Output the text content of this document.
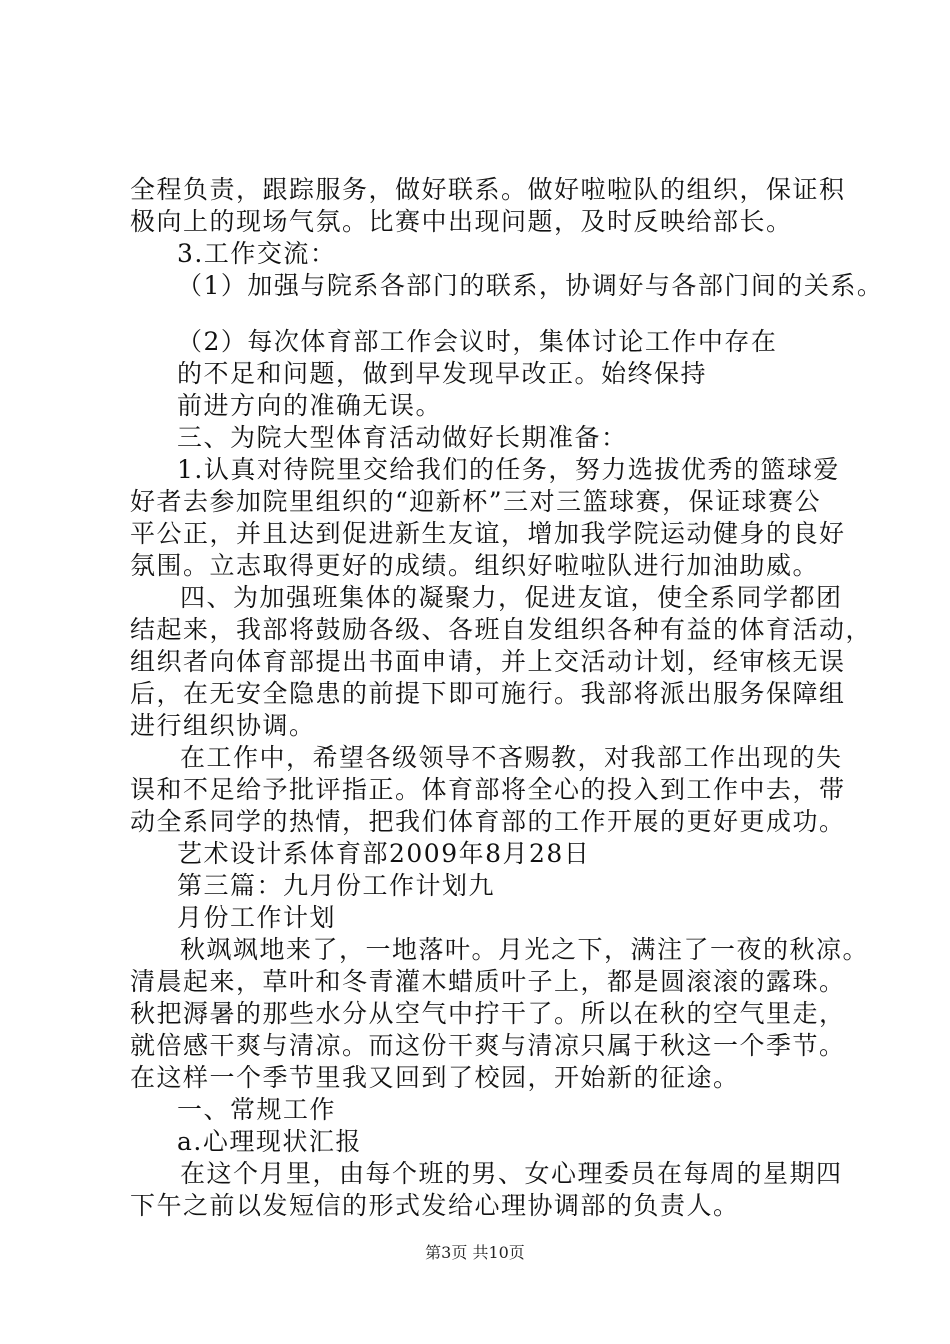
全程负责，跟踪服务，做好联系。做好啦啦队的组织，保证积
极向上的现场气氛。比赛中出现问题，及时反映给部长。
3.工作交流：
（1）加强与院系各部门的联系，协调好与各部门间的关系。
（2）每次体育部工作会议时，集体讨论工作中存在
的不足和问题，做到早发现早改正。始终保持
前进方向的准确无误。
三、为院大型体育活动做好长期准备：
1.认真对待院里交给我们的任务，努力选拔优秀的篮球爱
好者去参加院里组织的“迎新杯”三对三篮球赛，保证球赛公
平公正，并且达到促进新生友谊，增加我学院运动健身的良好
氛围。立志取得更好的成绩。组织好啦啦队进行加油助威。
四、为加强班集体的凝聚力，促进友谊，使全系同学都团
结起来，我部将鼓励各级、各班自发组织各种有益的体育活动，
组织者向体育部提出书面申请，并上交活动计划，经审核无误
后，在无安全隐患的前提下即可施行。我部将派出服务保障组
进行组织协调。
在工作中，希望各级领导不吝赐教，对我部工作出现的失
误和不足给予批评指正。体育部将全心的投入到工作中去，带
动全系同学的热情，把我们体育部的工作开展的更好更成功。
艺术设计系体育部2009年8月28日
第三篇：九月份工作计划九
月份工作计划
秋飒飒地来了，一地落叶。月光之下，满注了一夜的秋凉。
清晨起来，草叶和冬青灌木蜡质叶子上，都是圆滚滚的露珠。
秋把溽暑的那些水分从空气中拧干了。所以在秋的空气里走，
就倍感干爽与清凉。而这份干爽与清凉只属于秋这一个季节。
在这样一个季节里我又回到了校园，开始新的征途。
一、常规工作
a.心理现状汇报
在这个月里，由每个班的男、女心理委员在每周的星期四
下午之前以发短信的形式发给心理协调部的负责人。
第3页 共10页
